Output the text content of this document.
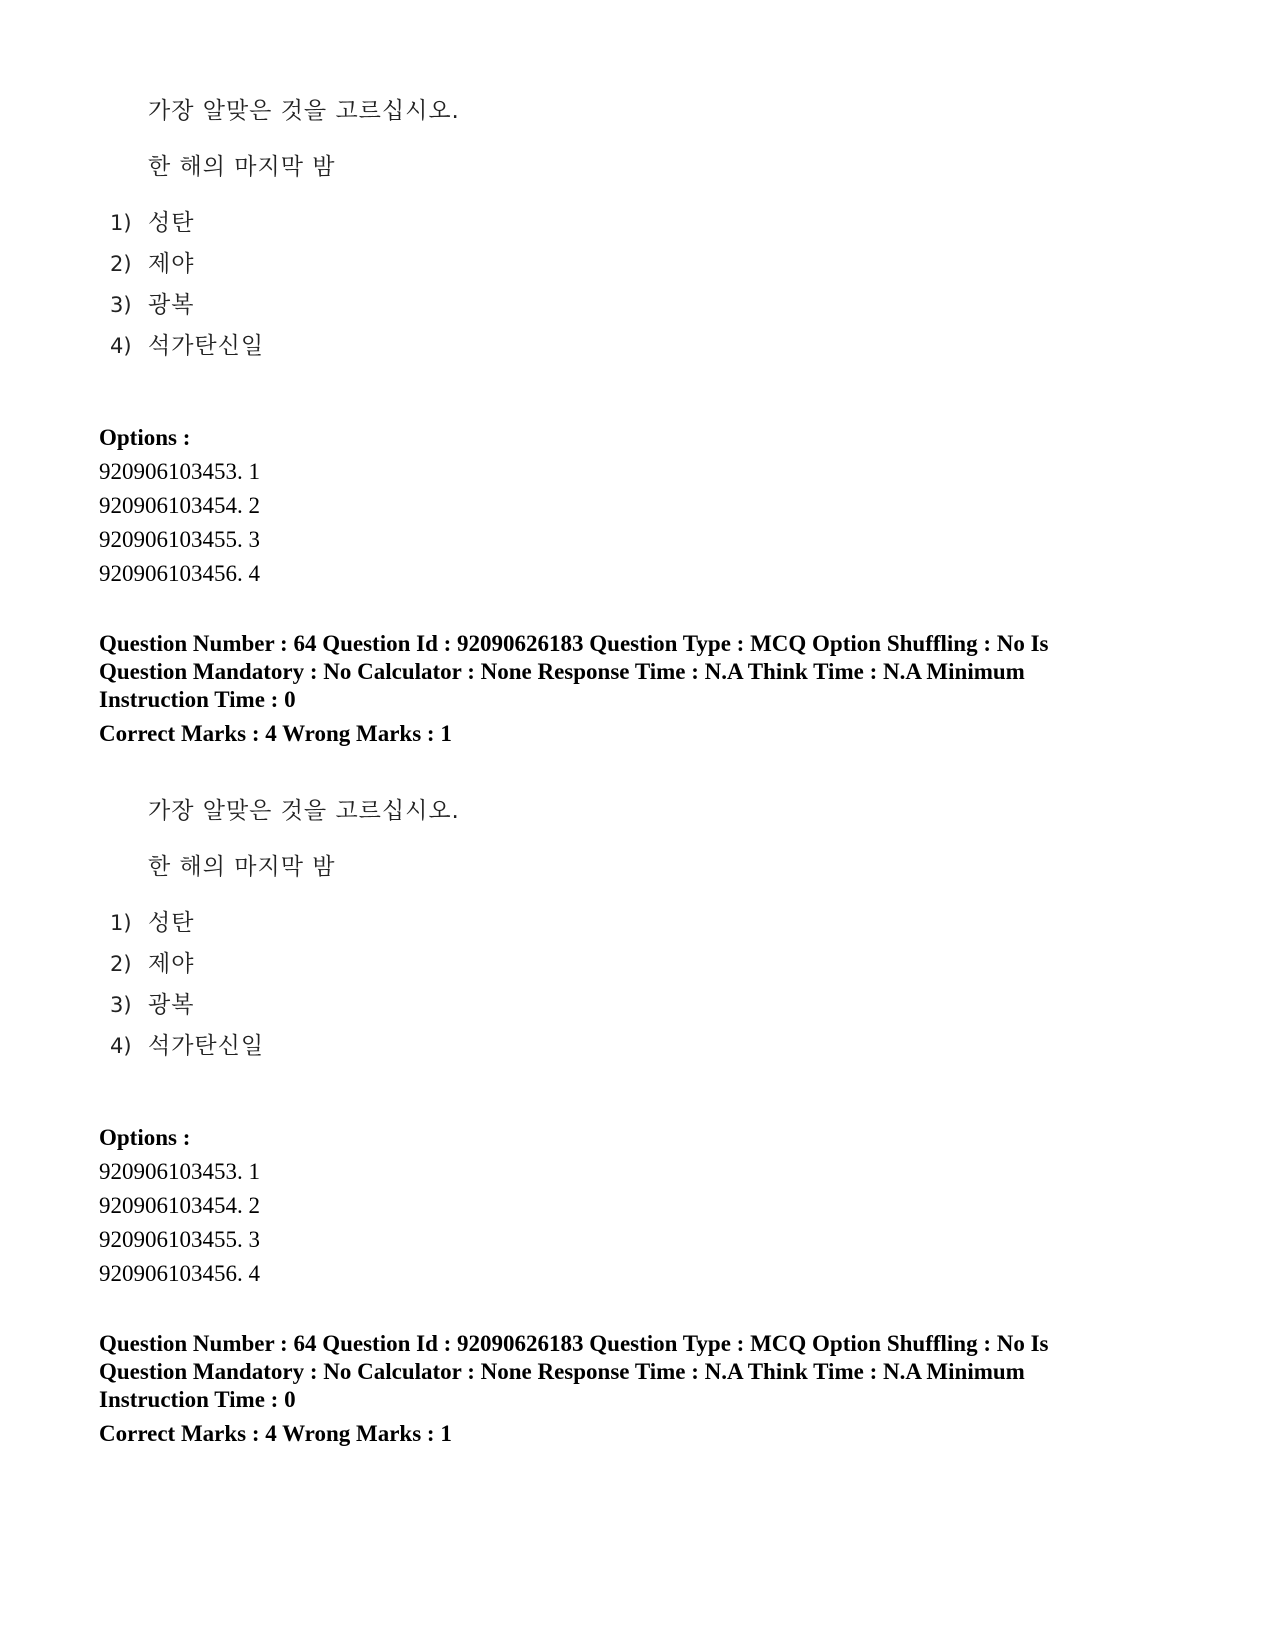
가장 알맞은 것을 고르십시오.
한 해의 마지막 밤
1) 성탄
2) 제야
3) 광복
4) 석가탄신일
Options :
920906103453. 1
920906103454. 2
920906103455. 3
920906103456. 4
Question Number : 64 Question Id : 92090626183 Question Type : MCQ Option Shuffling : No Is
Question Mandatory : No Calculator : None Response Time : N.A Think Time : N.A Minimum
Instruction Time : 0
Correct Marks : 4 Wrong Marks : 1
가장 알맞은 것을 고르십시오.
한 해의 마지막 밤
1) 성탄
2) 제야
3) 광복
4) 석가탄신일
Options :
920906103453. 1
920906103454. 2
920906103455. 3
920906103456. 4
Question Number : 64 Question Id : 92090626183 Question Type : MCQ Option Shuffling : No Is
Question Mandatory : No Calculator : None Response Time : N.A Think Time : N.A Minimum
Instruction Time : 0
Correct Marks : 4 Wrong Marks : 1
